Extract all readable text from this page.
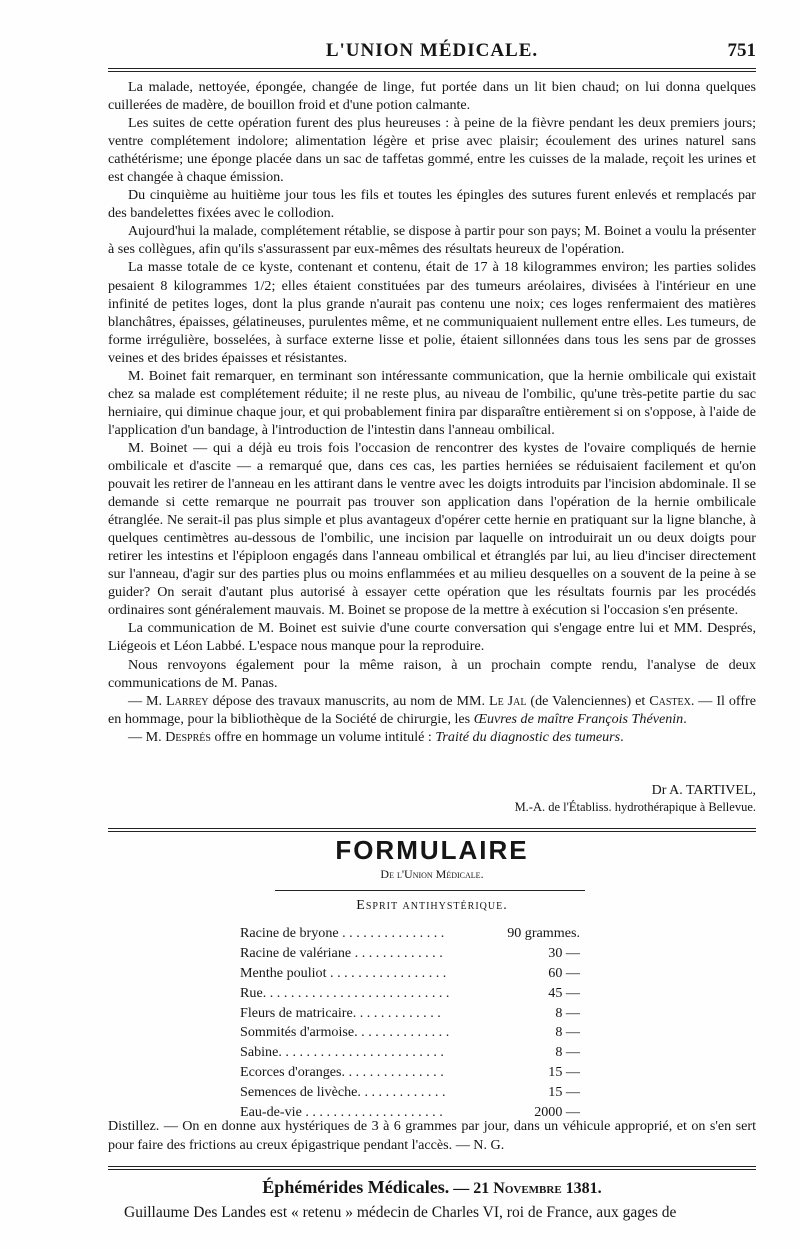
L'UNION MÉDICALE.	751

La malade, nettoyée, épongée, changée de linge, fut portée dans un lit bien chaud; on lui donna quelques cuillerées de madère, de bouillon froid et d'une potion calmante.

Les suites de cette opération furent des plus heureuses : à peine de la fièvre pendant les deux premiers jours; ventre complétement indolore; alimentation légère et prise avec plaisir; écoulement des urines naturel sans cathétérisme; une éponge placée dans un sac de taffetas gommé, entre les cuisses de la malade, reçoit les urines et est changée à chaque émission.

Du cinquième au huitième jour tous les fils et toutes les épingles des sutures furent enlevés et remplacés par des bandelettes fixées avec le collodion.

Aujourd'hui la malade, complétement rétablie, se dispose à partir pour son pays; M. Boinet a voulu la présenter à ses collègues, afin qu'ils s'assurassent par eux-mêmes des résultats heureux de l'opération.

La masse totale de ce kyste, contenant et contenu, était de 17 à 18 kilogrammes environ; les parties solides pesaient 8 kilogrammes 1/2; elles étaient constituées par des tumeurs aréolaires, divisées à l'intérieur en une infinité de petites loges, dont la plus grande n'aurait pas contenu une noix; ces loges renfermaient des matières blanchâtres, épaisses, gélatineuses, purulentes même, et ne communiquaient nullement entre elles. Les tumeurs, de forme irrégulière, bosselées, à surface externe lisse et polie, étaient sillonnées dans tous les sens par de grosses veines et des brides épaisses et résistantes.

M. Boinet fait remarquer, en terminant son intéressante communication, que la hernie ombilicale qui existait chez sa malade est complétement réduite; il ne reste plus, au niveau de l'ombilic, qu'une très-petite partie du sac herniaire, qui diminue chaque jour, et qui probablement finira par disparaître entièrement si on s'oppose, à l'aide de l'application d'un bandage, à l'introduction de l'intestin dans l'anneau ombilical.

M. Boinet — qui a déjà eu trois fois l'occasion de rencontrer des kystes de l'ovaire compliqués de hernie ombilicale et d'ascite — a remarqué que, dans ces cas, les parties herniées se réduisaient facilement et qu'on pouvait les retirer de l'anneau en les attirant dans le ventre avec les doigts introduits par l'incision abdominale. Il se demande si cette remarque ne pourrait pas trouver son application dans l'opération de la hernie ombilicale étranglée. Ne serait-il pas plus simple et plus avantageux d'opérer cette hernie en pratiquant sur la ligne blanche, à quelques centimètres au-dessous de l'ombilic, une incision par laquelle on introduirait un ou deux doigts pour retirer les intestins et l'épiploon engagés dans l'anneau ombilical et étranglés par lui, au lieu d'inciser directement sur l'anneau, d'agir sur des parties plus ou moins enflammées et au milieu desquelles on a souvent de la peine à se guider? On serait d'autant plus autorisé à essayer cette opération que les résultats fournis par les procédés ordinaires sont généralement mauvais. M. Boinet se propose de la mettre à exécution si l'occasion s'en présente.

La communication de M. Boinet est suivie d'une courte conversation qui s'engage entre lui et MM. Després, Liégeois et Léon Labbé. L'espace nous manque pour la reproduire.

Nous renvoyons également pour la même raison, à un prochain compte rendu, l'analyse de deux communications de M. Panas.

— M. Larrey dépose des travaux manuscrits, au nom de MM. Le Jal (de Valenciennes) et Castex. — Il offre en hommage, pour la bibliothèque de la Société de chirurgie, les Œuvres de maître François Thévenin.

— M. Després offre en hommage un volume intitulé : Traité du diagnostic des tumeurs.

Dr A. TARTIVEL,
M.-A. de l'Établiss. hydrothérapique à Bellevue.
FORMULAIRE
De l'Union Médicale.
Esprit antihystérique.
Racine de bryone . . . . . . . . . . . . . . .	90 grammes.
Racine de valériane . . . . . . . . . . . . .	30 —
Menthe pouliot . . . . . . . . . . . . . . . . .	60 —
Rue. . . . . . . . . . . . . . . . . . . . . . . . . . .	45 —
Fleurs de matricaire. . . . . . . . . . . . .	8 —
Sommités d'armoise. . . . . . . . . . . . . .	8 —
Sabine. . . . . . . . . . . . . . . . . . . . . . . .	8 —
Ecorces d'oranges. . . . . . . . . . . . . . .	15 —
Semences de livèche. . . . . . . . . . . . .	15 —
Eau-de-vie . . . . . . . . . . . . . . . . . . . .	2000 —

Distillez. — On en donne aux hystériques de 3 à 6 grammes par jour, dans un véhicule approprié, et on s'en sert pour faire des frictions au creux épigastrique pendant l'accès. — N. G.

Éphémérides Médicales. — 21 Novembre 1381.
Guillaume Des Landes est « retenu » médecin de Charles VI, roi de France, aux gages de
